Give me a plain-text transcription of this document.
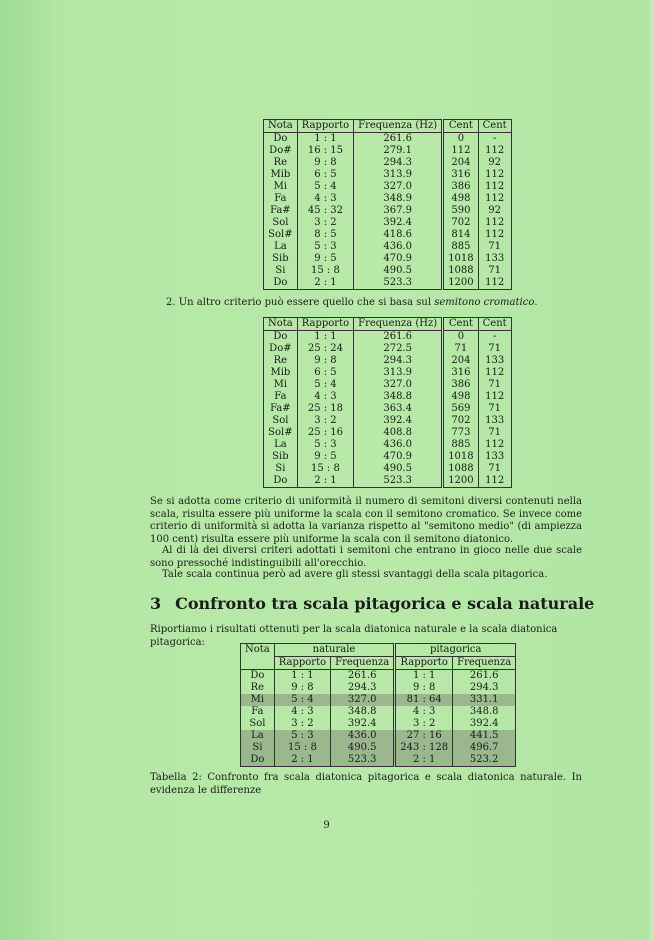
Nota	Rapporto	Frequenza (Hz)	Cent	Cent
Do	1 : 1	261.6	0	-
Do#	16 : 15	279.1	112	112
Re	9 : 8	294.3	204	92
Mib	6 : 5	313.9	316	112
Mi	5 : 4	327.0	386	112
Fa	4 : 3	348.9	498	112
Fa#	45 : 32	367.9	590	92
Sol	3 : 2	392.4	702	112
Sol#	8 : 5	418.6	814	112
La	5 : 3	436.0	885	71
Sib	9 : 5	470.9	1018	133
Si	15 : 8	490.5	1088	71
Do	2 : 1	523.3	1200	112

2. Un altro criterio può essere quello che si basa sul semitono cromatico.

Nota	Rapporto	Frequenza (Hz)	Cent	Cent
Do	1 : 1	261.6	0	-
Do#	25 : 24	272.5	71	71
Re	9 : 8	294.3	204	133
Mib	6 : 5	313.9	316	112
Mi	5 : 4	327.0	386	71
Fa	4 : 3	348.8	498	112
Fa#	25 : 18	363.4	569	71
Sol	3 : 2	392.4	702	133
Sol#	25 : 16	408.8	773	71
La	5 : 3	436.0	885	112
Sib	9 : 5	470.9	1018	133
Si	15 : 8	490.5	1088	71
Do	2 : 1	523.3	1200	112

Se si adotta come criterio di uniformità il numero di semitoni diversi contenuti nella scala, risulta essere più uniforme la scala con il semitono cromatico. Se invece come criterio di uniformità si adotta la varianza rispetto al "semitono medio" (di ampiezza 100 cent) risulta essere più uniforme la scala con il semitono diatonico.

Al di là dei diversi criteri adottati i semitoni che entrano in gioco nelle due scale sono pressoché indistinguibili all'orecchio.

Tale scala continua però ad avere gli stessi svantaggi della scala pitagorica.

3 Confronto tra scala pitagorica e scala naturale

Riportiamo i risultati ottenuti per la scala diatonica naturale e la scala diatonica pitagorica:

Nota	naturale		pitagorica	
	Rapporto	Frequenza	Rapporto	Frequenza
Do	1 : 1	261.6	1 : 1	261.6
Re	9 : 8	294.3	9 : 8	294.3
Mi	5 : 4	327.0	81 : 64	331.1
Fa	4 : 3	348.8	4 : 3	348.8
Sol	3 : 2	392.4	3 : 2	392.4
La	5 : 3	436.0	27 : 16	441.5
Si	15 : 8	490.5	243 : 128	496.7
Do	2 : 1	523.3	2 : 1	523.2
Tabella 2: Confronto fra scala diatonica pitagorica e scala diatonica naturale. In evidenza le differenze
9
